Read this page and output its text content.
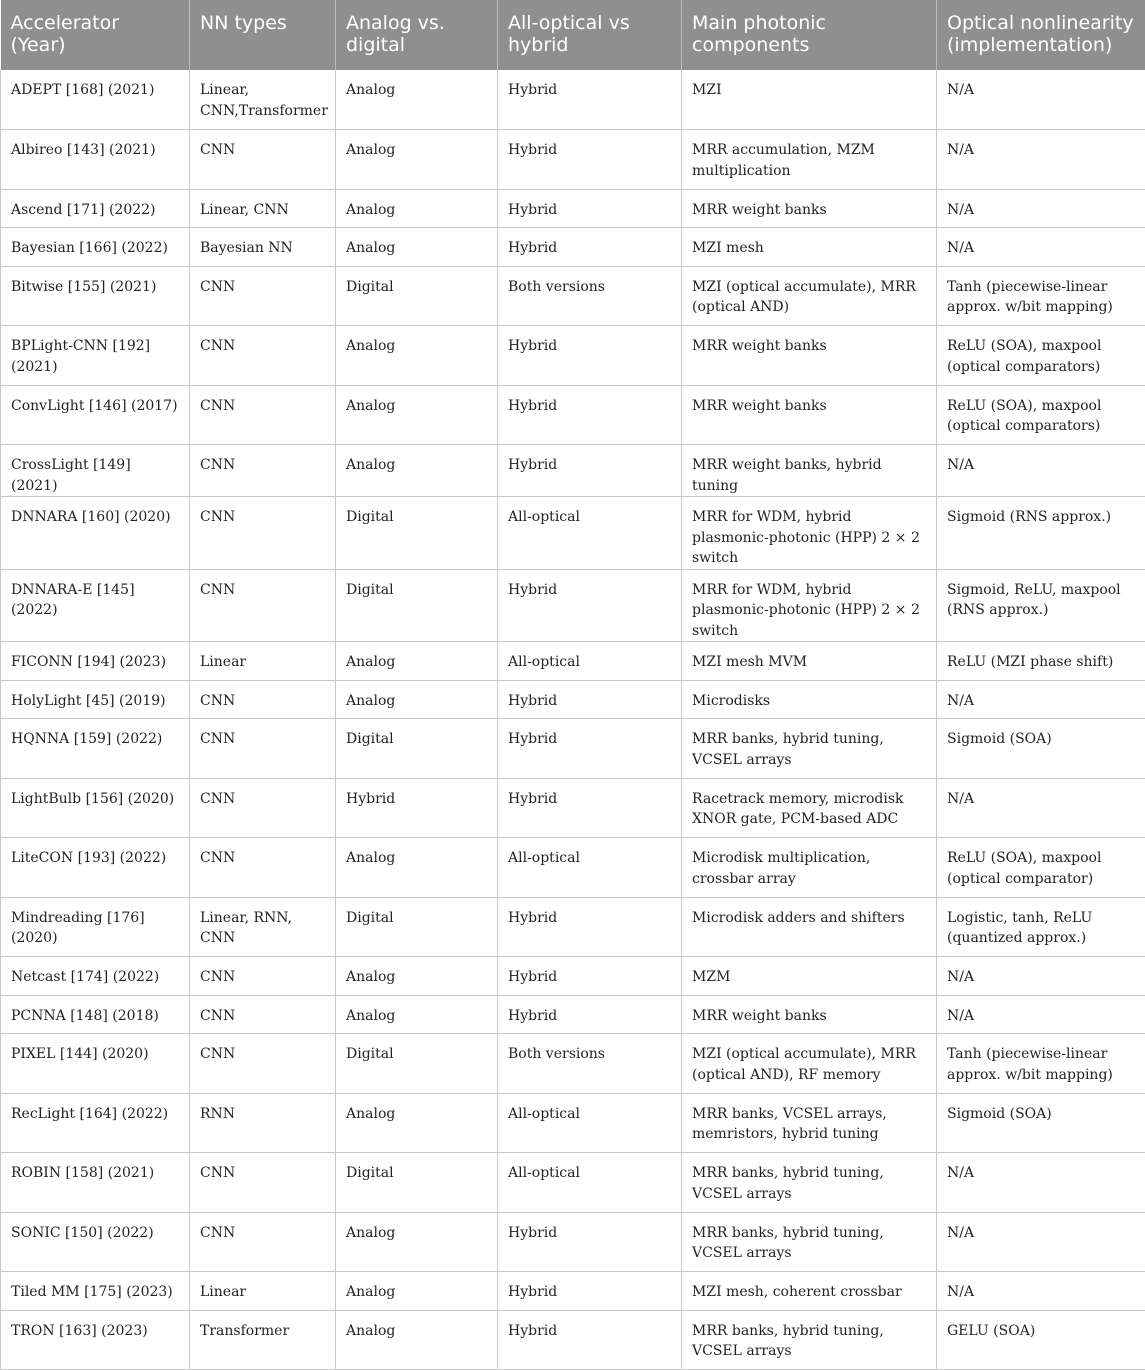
Accelerator (Year)	NN types	Analog vs. digital	All-optical vs hybrid	Main photonic components	Optical nonlinearity (implementation)
ADEPT [168] (2021)	Linear, CNN,Transformer	Analog	Hybrid	MZI	N/A
Albireo [143] (2021)	CNN	Analog	Hybrid	MRR accumulation, MZM multiplication	N/A
Ascend [171] (2022)	Linear, CNN	Analog	Hybrid	MRR weight banks	N/A
Bayesian [166] (2022)	Bayesian NN	Analog	Hybrid	MZI mesh	N/A
Bitwise [155] (2021)	CNN	Digital	Both versions	MZI (optical accumulate), MRR (optical AND)	Tanh (piecewise-linear approx. w/bit mapping)
BPLight-CNN [192] (2021)	CNN	Analog	Hybrid	MRR weight banks	ReLU (SOA), maxpool (optical comparators)
ConvLight [146] (2017)	CNN	Analog	Hybrid	MRR weight banks	ReLU (SOA), maxpool (optical comparators)
CrossLight [149] (2021)	CNN	Analog	Hybrid	MRR weight banks, hybrid tuning	N/A
DNNARA [160] (2020)	CNN	Digital	All-optical	MRR for WDM, hybrid plasmonic-photonic (HPP) 2 × 2 switch	Sigmoid (RNS approx.)
DNNARA-E [145] (2022)	CNN	Digital	Hybrid	MRR for WDM, hybrid plasmonic-photonic (HPP) 2 × 2 switch	Sigmoid, ReLU, maxpool (RNS approx.)
FICONN [194] (2023)	Linear	Analog	All-optical	MZI mesh MVM	ReLU (MZI phase shift)
HolyLight [45] (2019)	CNN	Analog	Hybrid	Microdisks	N/A
HQNNA [159] (2022)	CNN	Digital	Hybrid	MRR banks, hybrid tuning, VCSEL arrays	Sigmoid (SOA)
LightBulb [156] (2020)	CNN	Hybrid	Hybrid	Racetrack memory, microdisk XNOR gate, PCM-based ADC	N/A
LiteCON [193] (2022)	CNN	Analog	All-optical	Microdisk multiplication, crossbar array	ReLU (SOA), maxpool (optical comparator)
Mindreading [176] (2020)	Linear, RNN, CNN	Digital	Hybrid	Microdisk adders and shifters	Logistic, tanh, ReLU (quantized approx.)
Netcast [174] (2022)	CNN	Analog	Hybrid	MZM	N/A
PCNNA [148] (2018)	CNN	Analog	Hybrid	MRR weight banks	N/A
PIXEL [144] (2020)	CNN	Digital	Both versions	MZI (optical accumulate), MRR (optical AND), RF memory	Tanh (piecewise-linear approx. w/bit mapping)
RecLight [164] (2022)	RNN	Analog	All-optical	MRR banks, VCSEL arrays, memristors, hybrid tuning	Sigmoid (SOA)
ROBIN [158] (2021)	CNN	Digital	All-optical	MRR banks, hybrid tuning, VCSEL arrays	N/A
SONIC [150] (2022)	CNN	Analog	Hybrid	MRR banks, hybrid tuning, VCSEL arrays	N/A
Tiled MM [175] (2023)	Linear	Analog	Hybrid	MZI mesh, coherent crossbar	N/A
TRON [163] (2023)	Transformer	Analog	Hybrid	MRR banks, hybrid tuning, VCSEL arrays	GELU (SOA)
